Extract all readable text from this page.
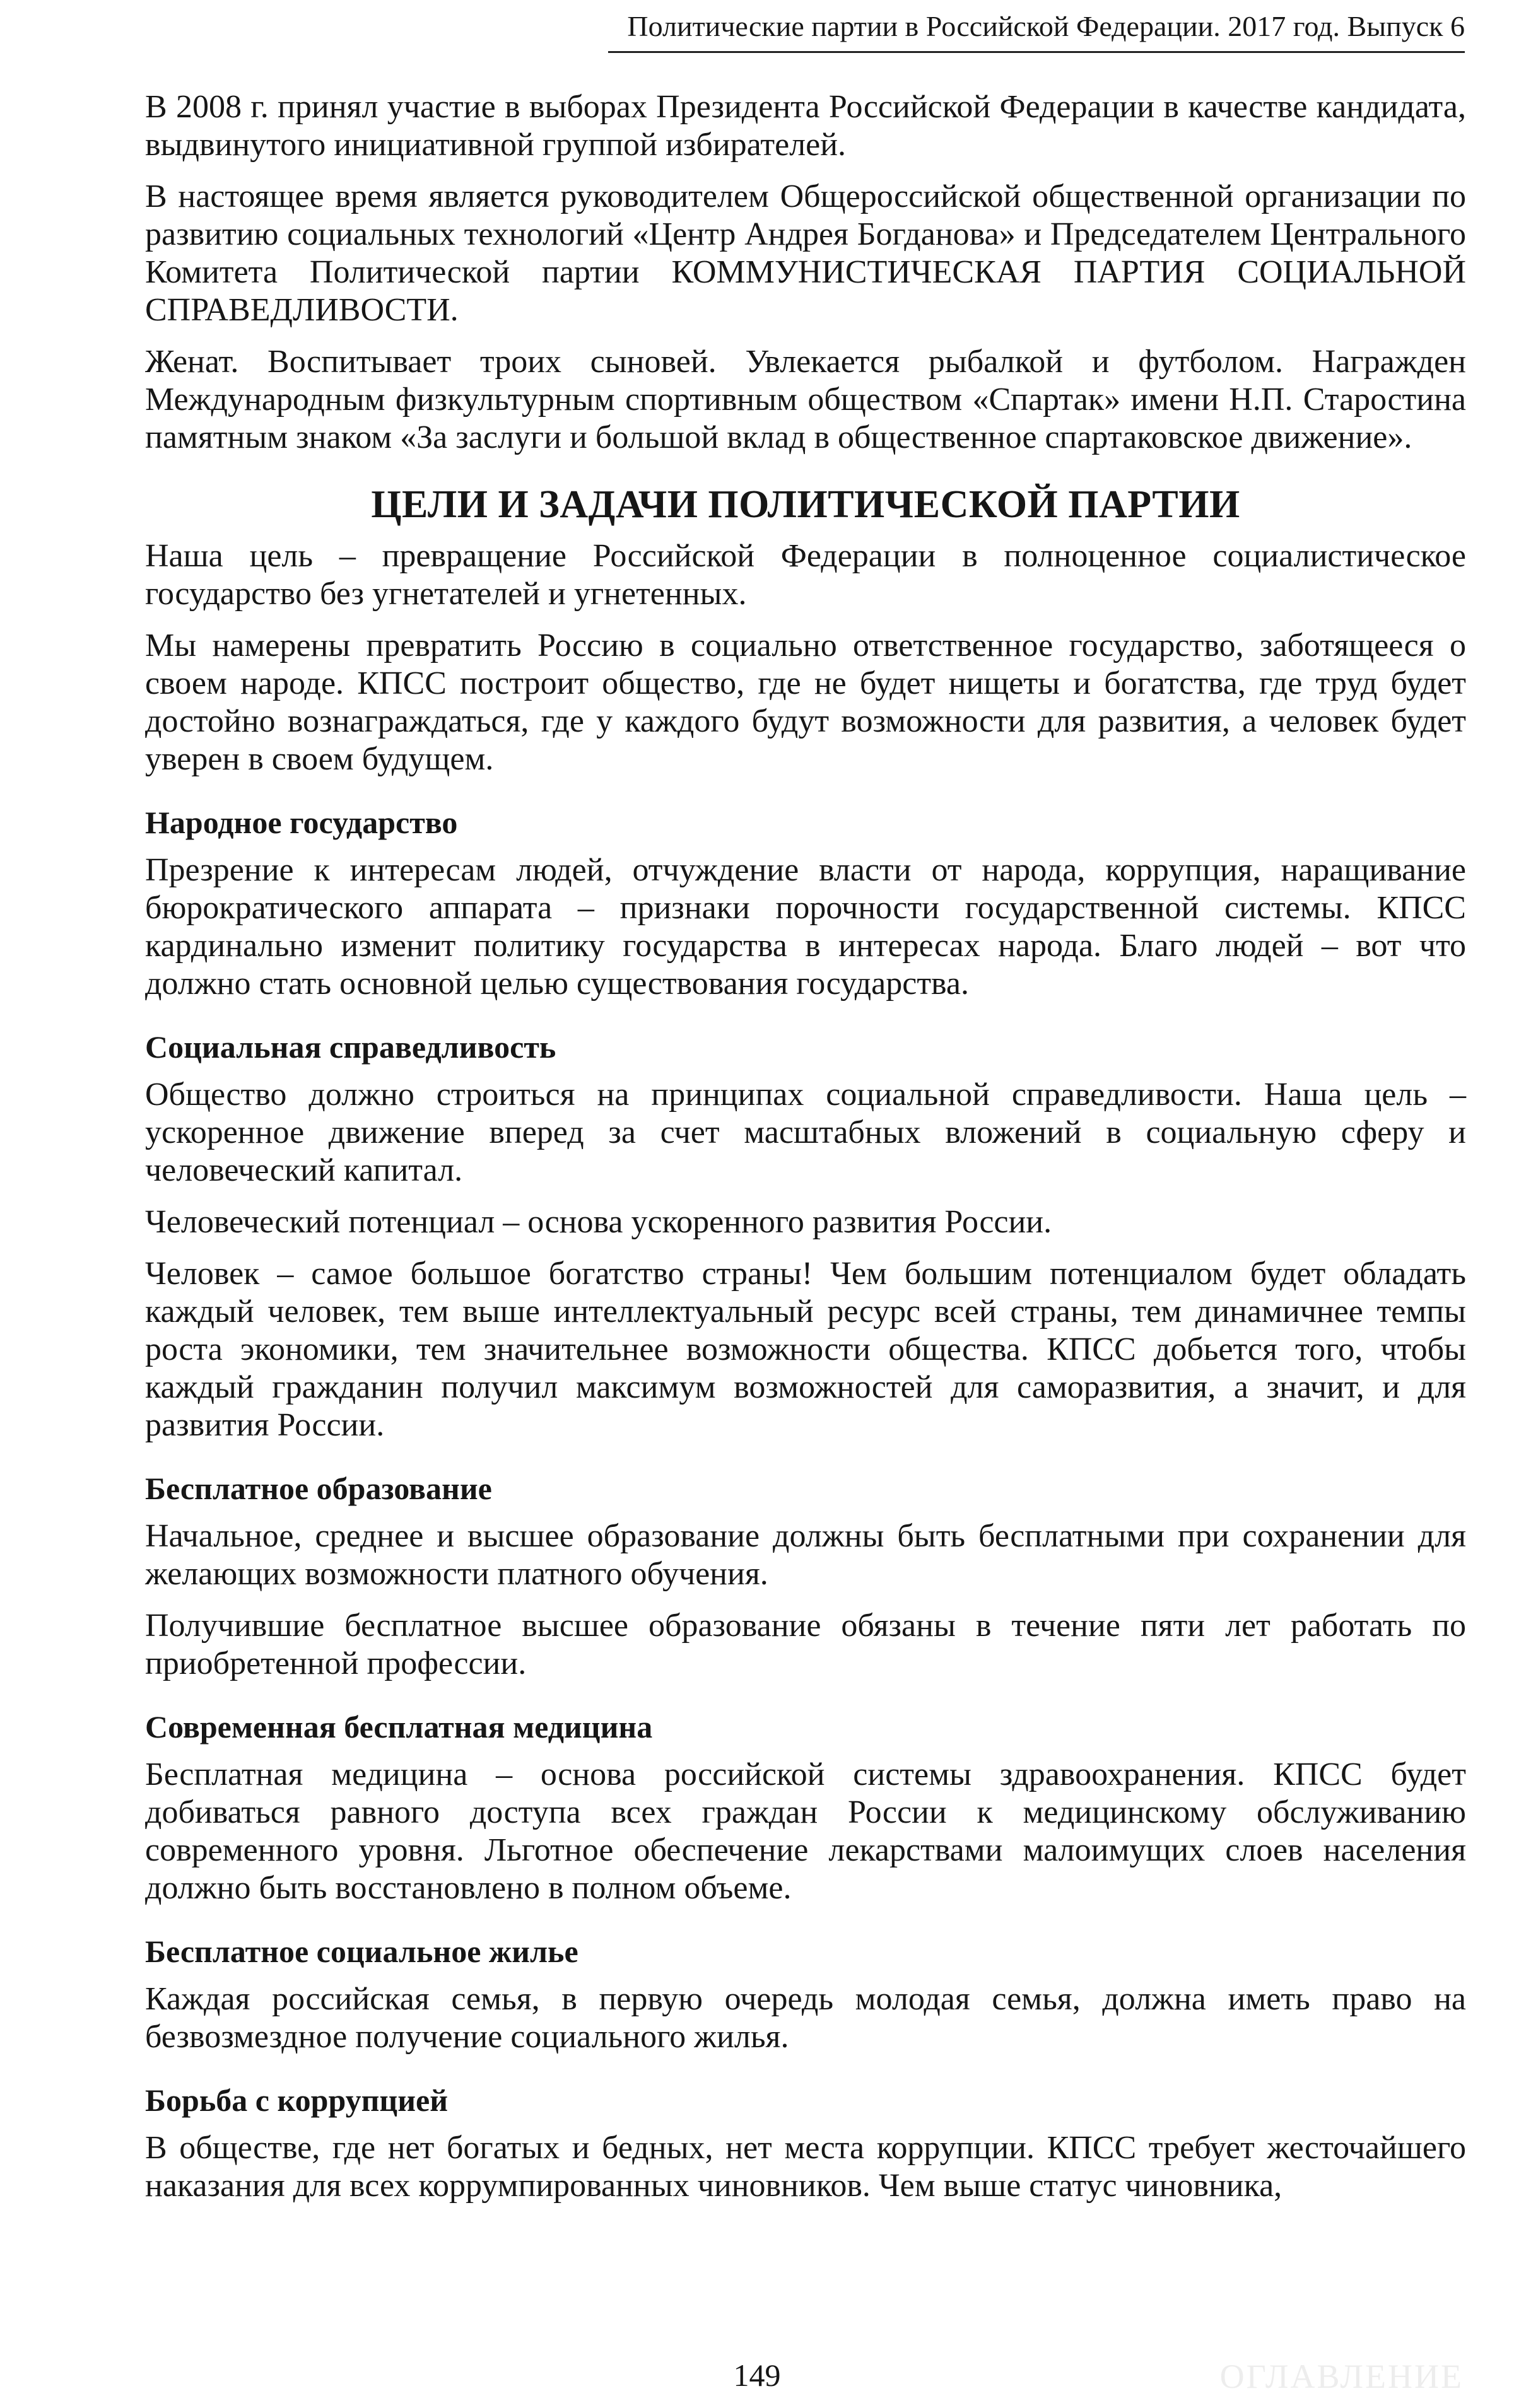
Политические партии в Российской Федерации. 2017 год. Выпуск 6

В 2008 г. принял участие в выборах Президента Российской Федерации в качестве кандидата, выдвинутого инициативной группой избирателей.

В настоящее время является руководителем Общероссийской общественной организации по развитию социальных технологий «Центр Андрея Богданова» и Председателем Центрального Комитета Политической партии КОММУНИСТИЧЕСКАЯ ПАРТИЯ СОЦИАЛЬНОЙ СПРАВЕДЛИВОСТИ.

Женат. Воспитывает троих сыновей. Увлекается рыбалкой и футболом. Награжден Международным физкультурным спортивным обществом «Спартак» имени Н.П. Старостина памятным знаком «За заслуги и большой вклад в общественное спартаковское движение».

ЦЕЛИ И ЗАДАЧИ ПОЛИТИЧЕСКОЙ ПАРТИИ

Наша цель – превращение Российской Федерации в полноценное социалистическое государство без угнетателей и угнетенных.

Мы намерены превратить Россию в социально ответственное государство, заботящееся о своем народе. КПСС построит общество, где не будет нищеты и богатства, где труд будет достойно вознаграждаться, где у каждого будут возможности для развития, а человек будет уверен в своем будущем.

Народное государство

Презрение к интересам людей, отчуждение власти от народа, коррупция, наращивание бюрократического аппарата – признаки порочности государственной системы. КПСС кардинально изменит политику государства в интересах народа. Благо людей – вот что должно стать основной целью существования государства.

Социальная справедливость

Общество должно строиться на принципах социальной справедливости. Наша цель – ускоренное движение вперед за счет масштабных вложений в социальную сферу и человеческий капитал.

Человеческий потенциал – основа ускоренного развития России.

Человек – самое большое богатство страны! Чем большим потенциалом будет обладать каждый человек, тем выше интеллектуальный ресурс всей страны, тем динамичнее темпы роста экономики, тем значительнее возможности общества. КПСС добьется того, чтобы каждый гражданин получил максимум возможностей для саморазвития, а значит, и для развития России.

Бесплатное образование

Начальное, среднее и высшее образование должны быть бесплатными при сохранении для желающих возможности платного обучения.

Получившие бесплатное высшее образование обязаны в течение пяти лет работать по приобретенной профессии.

Современная бесплатная медицина

Бесплатная медицина – основа российской системы здравоохранения. КПСС будет добиваться равного доступа всех граждан России к медицинскому обслуживанию современного уровня. Льготное обеспечение лекарствами малоимущих слоев населения должно быть восстановлено в полном объеме.

Бесплатное социальное жилье

Каждая российская семья, в первую очередь молодая семья, должна иметь право на безвозмездное получение социального жилья.

Борьба с коррупцией

В обществе, где нет богатых и бедных, нет места коррупции. КПСС требует жесточайшего наказания для всех коррумпированных чиновников. Чем выше статус чиновника,

149	ОГЛАВЛЕНИЕ
